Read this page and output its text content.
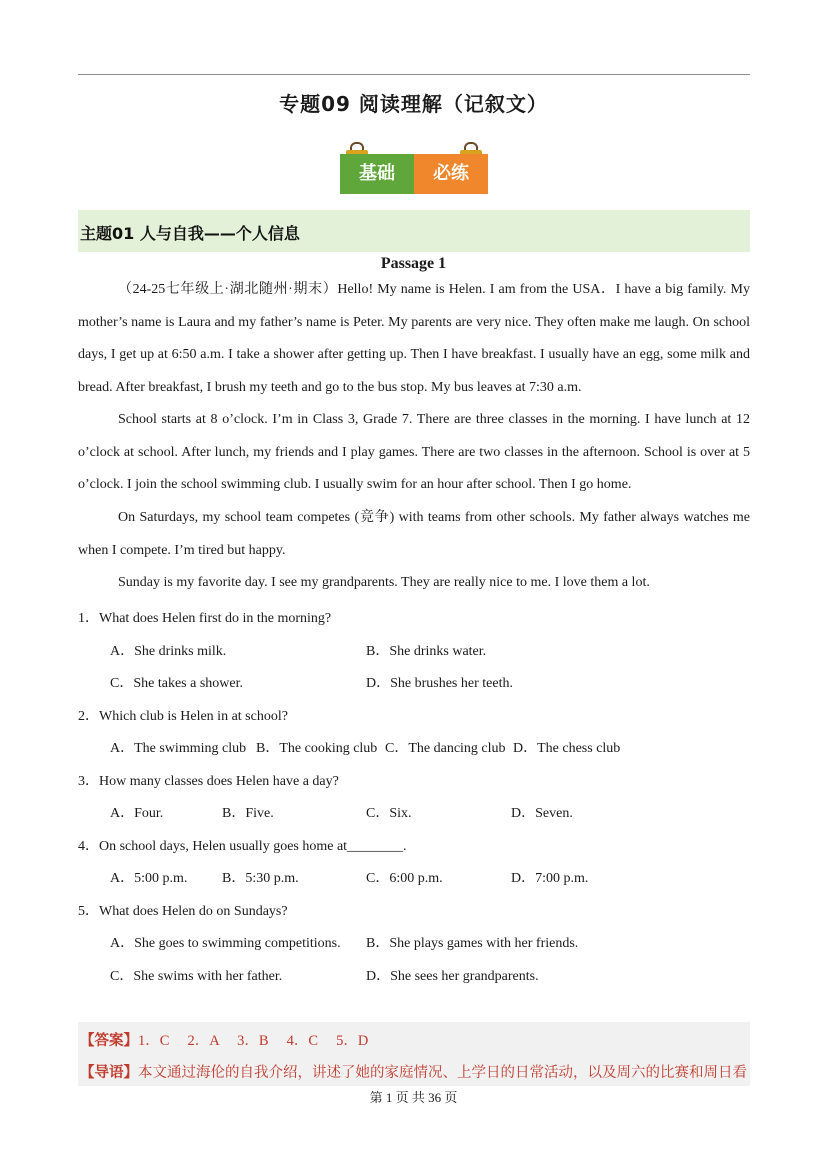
专题09 阅读理解（记叙文）
基础	必练
主题01 人与自我——个人信息
Passage 1
（24-25七年级上·湖北随州·期末）Hello! My name is Helen. I am from the USA．I have a big family. My mother’s name is Laura and my father’s name is Peter. My parents are very nice. They often make me laugh. On school days, I get up at 6:50 a.m. I take a shower after getting up. Then I have breakfast. I usually have an egg, some milk and bread. After breakfast, I brush my teeth and go to the bus stop. My bus leaves at 7:30 a.m.
School starts at 8 o’clock. I’m in Class 3, Grade 7. There are three classes in the morning. I have lunch at 12 o’clock at school. After lunch, my friends and I play games. There are two classes in the afternoon. School is over at 5 o’clock. I join the school swimming club. I usually swim for an hour after school. Then I go home.
On Saturdays, my school team competes (竞争) with teams from other schools. My father always watches me when I compete. I’m tired but happy.
Sunday is my favorite day. I see my grandparents. They are really nice to me. I love them a lot.
1．What does Helen first do in the morning?
A．She drinks milk.	B．She drinks water.
C．She takes a shower.	D．She brushes her teeth.
2．Which club is Helen in at school?
A．The swimming club B．The cooking club C．The dancing club D．The chess club
3．How many classes does Helen have a day?
A．Four.	B．Five.	C．Six.	D．Seven.
4．On school days, Helen usually goes home at________.
A．5:00 p.m. B．5:30 p.m.	C．6:00 p.m.	D．7:00 p.m.
5．What does Helen do on Sundays?
A．She goes to swimming competitions. B．She plays games with her friends.
C．She swims with her father.	D．She sees her grandparents.
【答案】1．C　 2．A　 3．B　 4．C　 5．D
【导语】本文通过海伦的自我介绍，讲述了她的家庭情况、上学日的日常活动，以及周六的比赛和周日看
第 1 页 共 36 页
